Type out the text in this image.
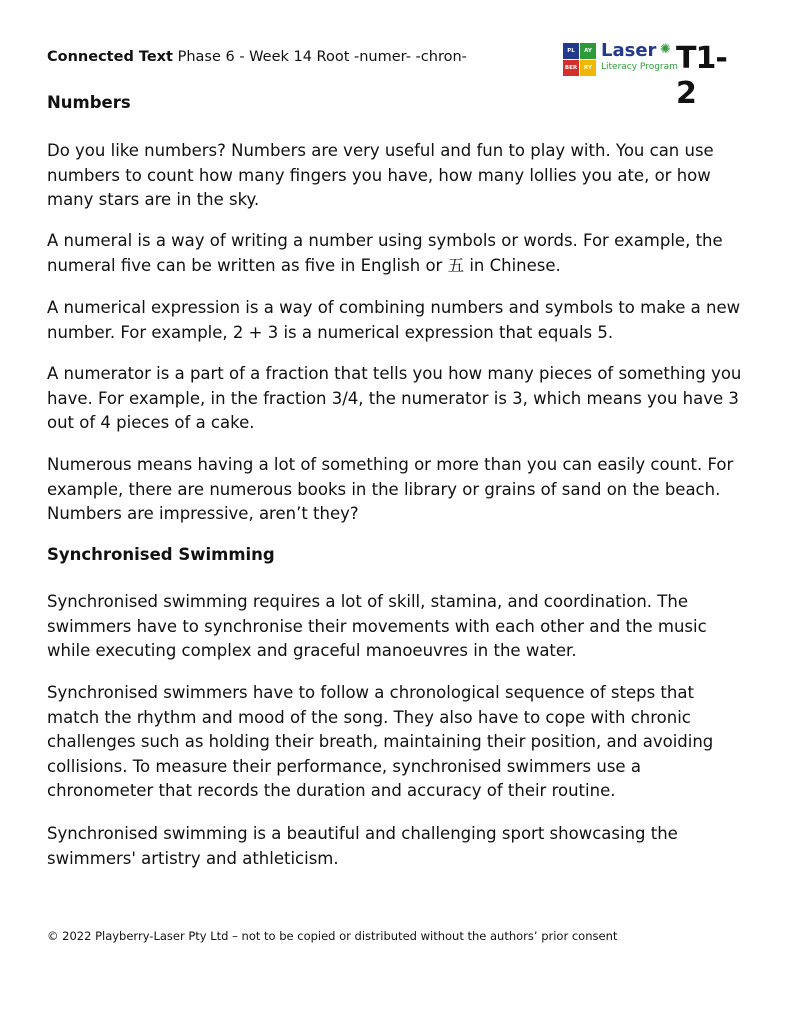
Connected Text Phase 6 - Week 14 Root -numer- -chron-	PL	AY
BER	RY
✺
Laser
Literacy Program
T1-2
Numbers

Do you like numbers? Numbers are very useful and fun to play with. You can use numbers to count how many fingers you have, how many lollies you ate, or how many stars are in the sky.

A numeral is a way of writing a number using symbols or words. For example, the numeral five can be written as five in English or 五 in Chinese.

A numerical expression is a way of combining numbers and symbols to make a new number. For example, 2 + 3 is a numerical expression that equals 5.

A numerator is a part of a fraction that tells you how many pieces of something you have. For example, in the fraction 3/4, the numerator is 3, which means you have 3 out of 4 pieces of a cake.

Numerous means having a lot of something or more than you can easily count. For example, there are numerous books in the library or grains of sand on the beach. Numbers are impressive, aren’t they?

Synchronised Swimming

Synchronised swimming requires a lot of skill, stamina, and coordination. The swimmers have to synchronise their movements with each other and the music while executing complex and graceful manoeuvres in the water.

Synchronised swimmers have to follow a chronological sequence of steps that match the rhythm and mood of the song. They also have to cope with chronic challenges such as holding their breath, maintaining their position, and avoiding collisions. To measure their performance, synchronised swimmers use a chronometer that records the duration and accuracy of their routine.

Synchronised swimming is a beautiful and challenging sport showcasing the swimmers' artistry and athleticism.

© 2022 Playberry-Laser Pty Ltd – not to be copied or distributed without the authors’ prior consent
